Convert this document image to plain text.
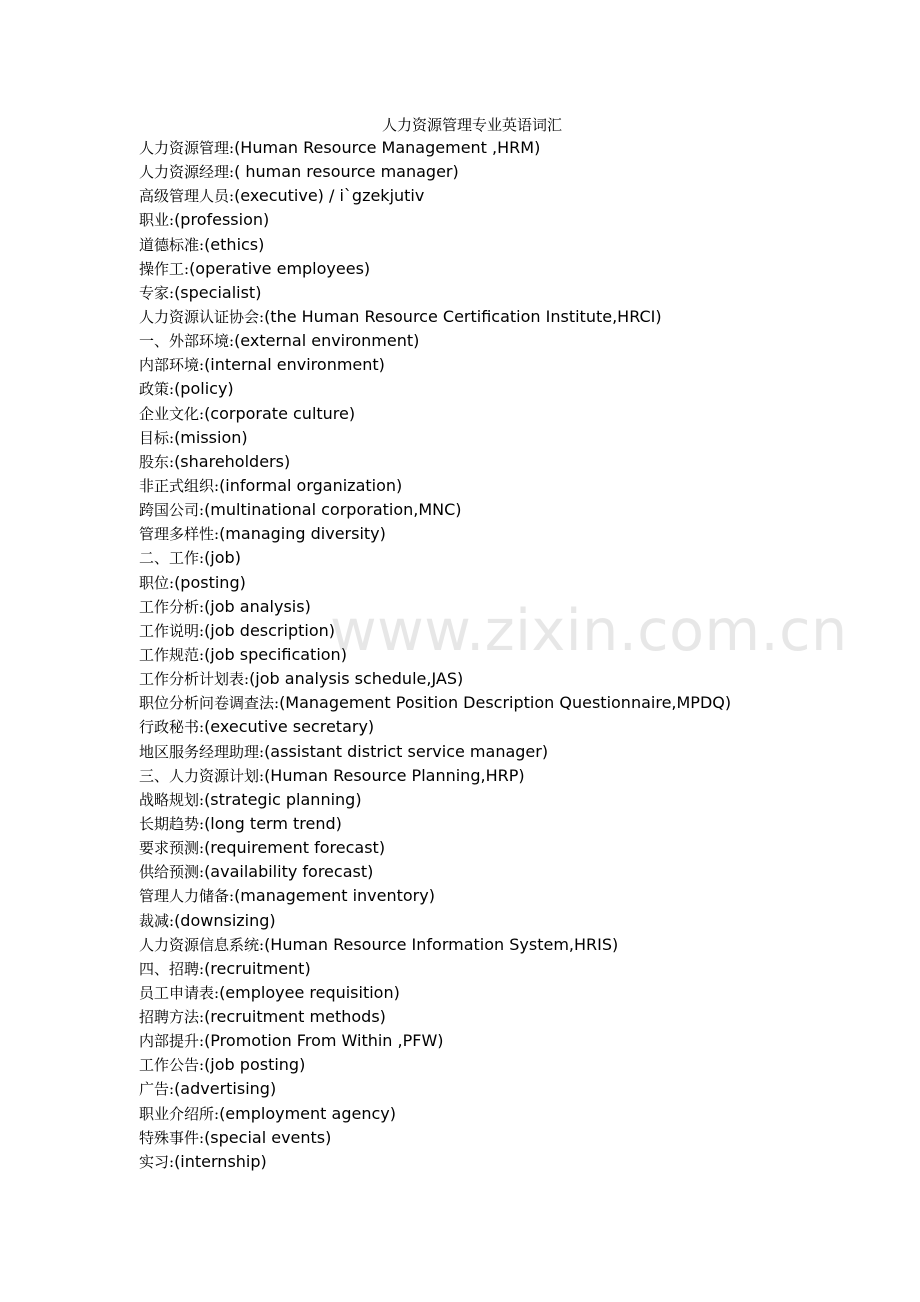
人力资源管理专业英语词汇
人力资源管理:(Human Resource Management ,HRM)
人力资源经理:( human resource manager)
高级管理人员:(executive) / i`gzekjutiv
职业:(profession)
道德标准:(ethics)
操作工:(operative employees)
专家:(specialist)
人力资源认证协会:(the Human Resource Certification Institute,HRCI)
一、外部环境:(external environment)
内部环境:(internal environment)
政策:(policy)
企业文化:(corporate culture)
目标:(mission)
股东:(shareholders)
非正式组织:(informal organization)
跨国公司:(multinational corporation,MNC)
管理多样性:(managing diversity)
二、工作:(job)
职位:(posting)
工作分析:(job analysis)
工作说明:(job description)
工作规范:(job specification)
工作分析计划表:(job analysis schedule,JAS)
职位分析问卷调查法:(Management Position Description Questionnaire,MPDQ)
行政秘书:(executive secretary)
地区服务经理助理:(assistant district service manager)
三、人力资源计划:(Human Resource Planning,HRP)
战略规划:(strategic planning)
长期趋势:(long term trend)
要求预测:(requirement forecast)
供给预测:(availability forecast)
管理人力储备:(management inventory)
裁减:(downsizing)
人力资源信息系统:(Human Resource Information System,HRIS)
四、招聘:(recruitment)
员工申请表:(employee requisition)
招聘方法:(recruitment methods)
内部提升:(Promotion From Within ,PFW)
工作公告:(job posting)
广告:(advertising)
职业介绍所:(employment agency)
特殊事件:(special events)
实习:(internship)
www.zixin.com.cn
